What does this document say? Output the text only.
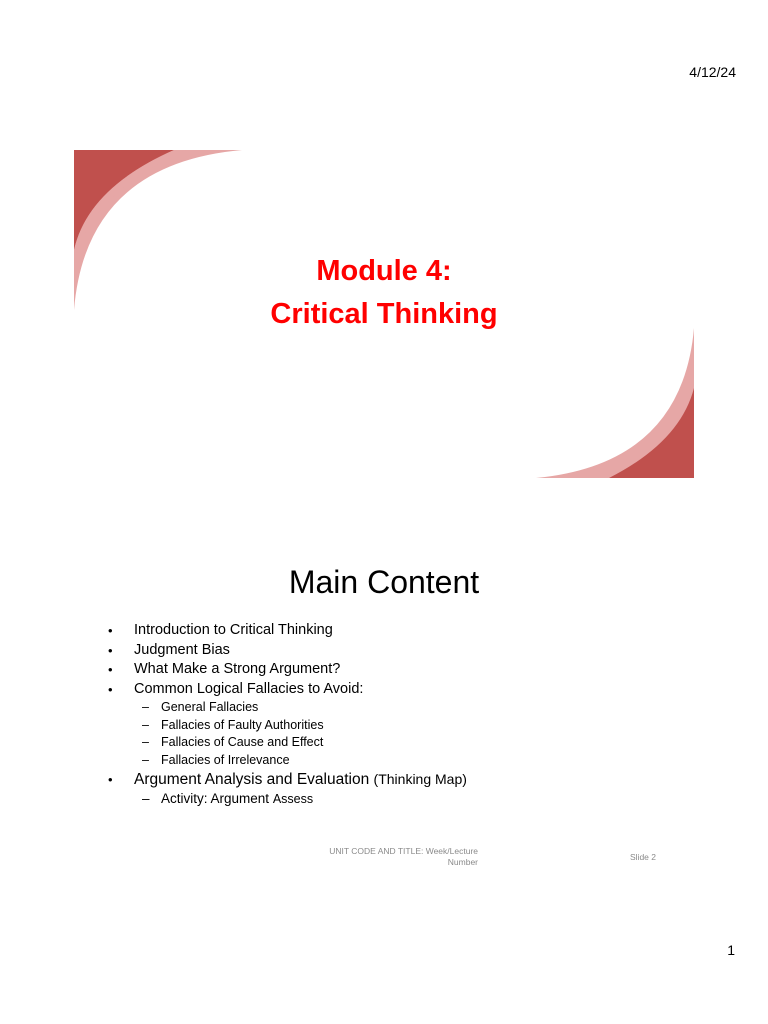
4/12/24
Module 4:
Critical Thinking
Main Content
• Introduction to Critical Thinking
• Judgment Bias
• What Make a Strong Argument?
• Common Logical Fallacies to Avoid:
– General Fallacies
– Fallacies of Faulty Authorities
– Fallacies of Cause and Effect
– Fallacies of Irrelevance
• Argument Analysis and Evaluation (Thinking Map)
– Activity: Argument Assess
UNIT CODE AND TITLE: Week/Lecture Number	Slide 2
1
